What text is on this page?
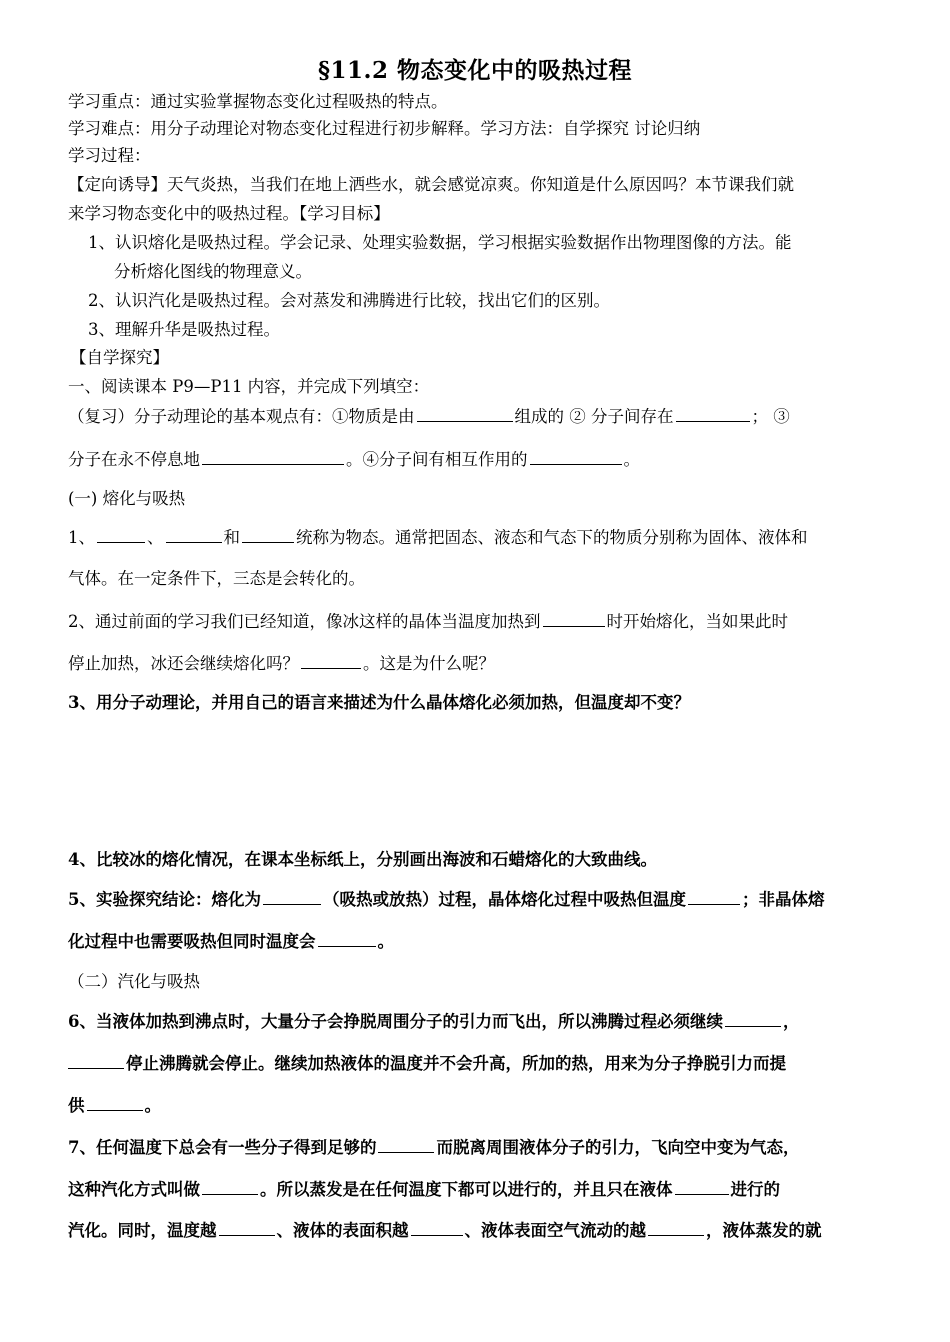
§11.2 物态变化中的吸热过程
学习重点：通过实验掌握物态变化过程吸热的特点。
学习难点：用分子动理论对物态变化过程进行初步解释。学习方法：自学探究 讨论归纳
学习过程：
【定向诱导】天气炎热，当我们在地上洒些水，就会感觉凉爽。你知道是什么原因吗？本节课我们就
来学习物态变化中的吸热过程。【学习目标】
1、认识熔化是吸热过程。学会记录、处理实验数据，学习根据实验数据作出物理图像的方法。能
分析熔化图线的物理意义。
2、认识汽化是吸热过程。会对蒸发和沸腾进行比较，找出它们的区别。
3、理解升华是吸热过程。
【自学探究】
一、阅读课本 P9—P11 内容，并完成下列填空：
（复习）分子动理论的基本观点有：①物质是由	组成的 ② 分子间存在	； ③
分子在永不停息地	。④分子间有相互作用的	。
(一) 熔化与吸热
1、	、	和	统称为物态。通常把固态、液态和气态下的物质分别称为固体、液体和
气体。在一定条件下，三态是会转化的。
2、通过前面的学习我们已经知道，像冰这样的晶体当温度加热到	时开始熔化，当如果此时
停止加热，冰还会继续熔化吗？	。这是为什么呢？
3、用分子动理论，并用自己的语言来描述为什么晶体熔化必须加热，但温度却不变？
4、比较冰的熔化情况，在课本坐标纸上，分别画出海波和石蜡熔化的大致曲线。
5、实验探究结论：熔化为	（吸热或放热）过程，晶体熔化过程中吸热但温度	；非晶体熔
化过程中也需要吸热但同时温度会	。
（二）汽化与吸热
6、当液体加热到沸点时，大量分子会挣脱周围分子的引力而飞出，所以沸腾过程必须继续	，
停止沸腾就会停止。继续加热液体的温度并不会升高，所加的热，用来为分子挣脱引力而提
供	。
7、任何温度下总会有一些分子得到足够的	而脱离周围液体分子的引力，飞向空中变为气态，
这种汽化方式叫做	。所以蒸发是在任何温度下都可以进行的，并且只在液体	进行的
汽化。同时，温度越	、液体的表面积越	、液体表面空气流动的越	，液体蒸发的就
